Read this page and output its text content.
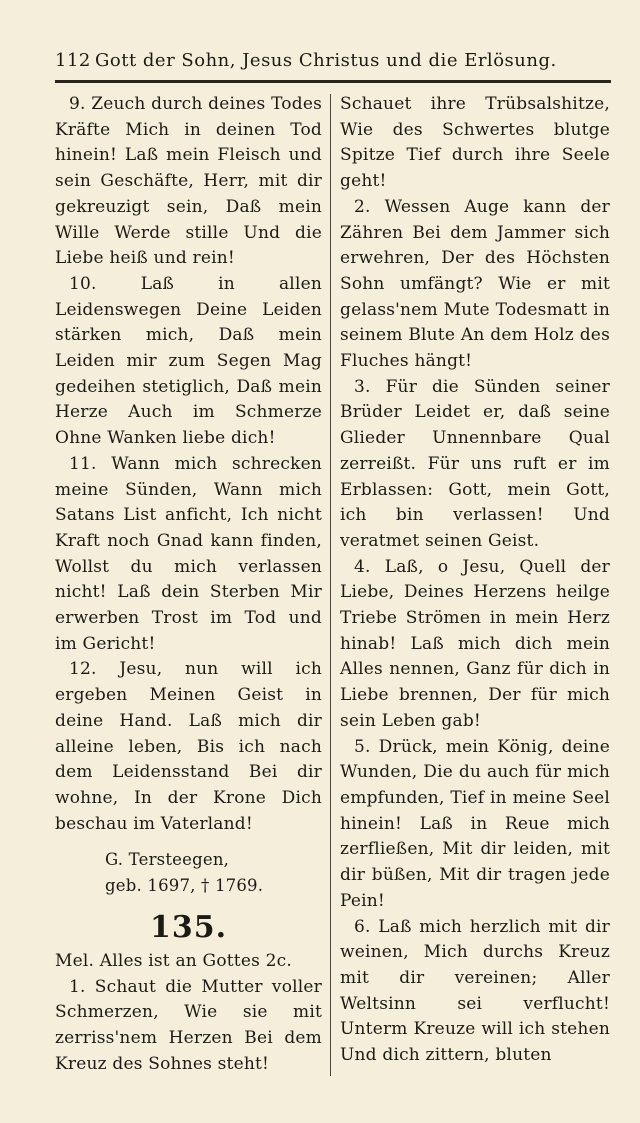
112 Gott der Sohn, Jesus Christus und die Erlösung.

9. Zeuch durch deines Todes Kräfte Mich in deinen Tod hinein! Laß mein Fleisch und sein Geschäfte, Herr, mit dir gekreuzigt sein, Daß mein Wille Werde stille Und die Liebe heiß und rein!

10.	Laß in allen Leidenswegen Deine Leiden stärken mich, Daß mein Leiden mir zum Segen Mag gedeihen stetiglich, Daß mein Herze Auch im Schmerze Ohne Wanken liebe dich!

11. Wann mich schrecken meine Sünden, Wann mich Satans List anficht, Ich nicht Kraft noch Gnad kann finden, Wollst du mich verlassen nicht! Laß dein Sterben Mir erwerben Trost im Tod und im Gericht!

12. Jesu, nun will ich ergeben Meinen Geist in deine Hand. Laß mich dir alleine leben, Bis ich nach dem Leidensstand Bei dir wohne, In der Krone Dich beschau im Vaterland!

G. Tersteegen,
geb. 1697, † 1769.
135.

Mel. Alles ist an Gottes 2c.

1. Schaut die Mutter voller Schmerzen, Wie sie mit zerriss'nem Herzen Bei dem Kreuz des Sohnes steht!

Schauet ihre Trübsalshitze, Wie des Schwertes blutge Spitze Tief durch ihre Seele geht!

2. Wessen Auge kann der Zähren Bei dem Jammer sich erwehren, Der des Höchsten Sohn umfängt? Wie er mit gelass'nem Mute Todesmatt in seinem Blute An dem Holz des Fluches hängt!

3. Für die Sünden seiner Brüder Leidet er, daß seine Glieder Unnennbare Qual zerreißt. Für uns ruft er im Erblassen: Gott, mein Gott, ich bin verlassen! Und veratmet seinen Geist.

4. Laß, o Jesu, Quell der Liebe, Deines Herzens heilge Triebe Strömen in mein Herz hinab! Laß mich dich mein Alles nennen, Ganz für dich in Liebe brennen, Der für mich sein Leben gab!

5. Drück, mein König, deine Wunden, Die du auch für mich empfunden, Tief in meine Seel hinein! Laß in Reue mich zerfließen, Mit dir leiden, mit dir büßen, Mit dir tragen jede Pein!

6. Laß mich herzlich mit dir weinen, Mich durchs Kreuz mit dir vereinen; Aller Weltsinn sei verflucht! Unterm Kreuze will ich stehen Und dich zittern, bluten
